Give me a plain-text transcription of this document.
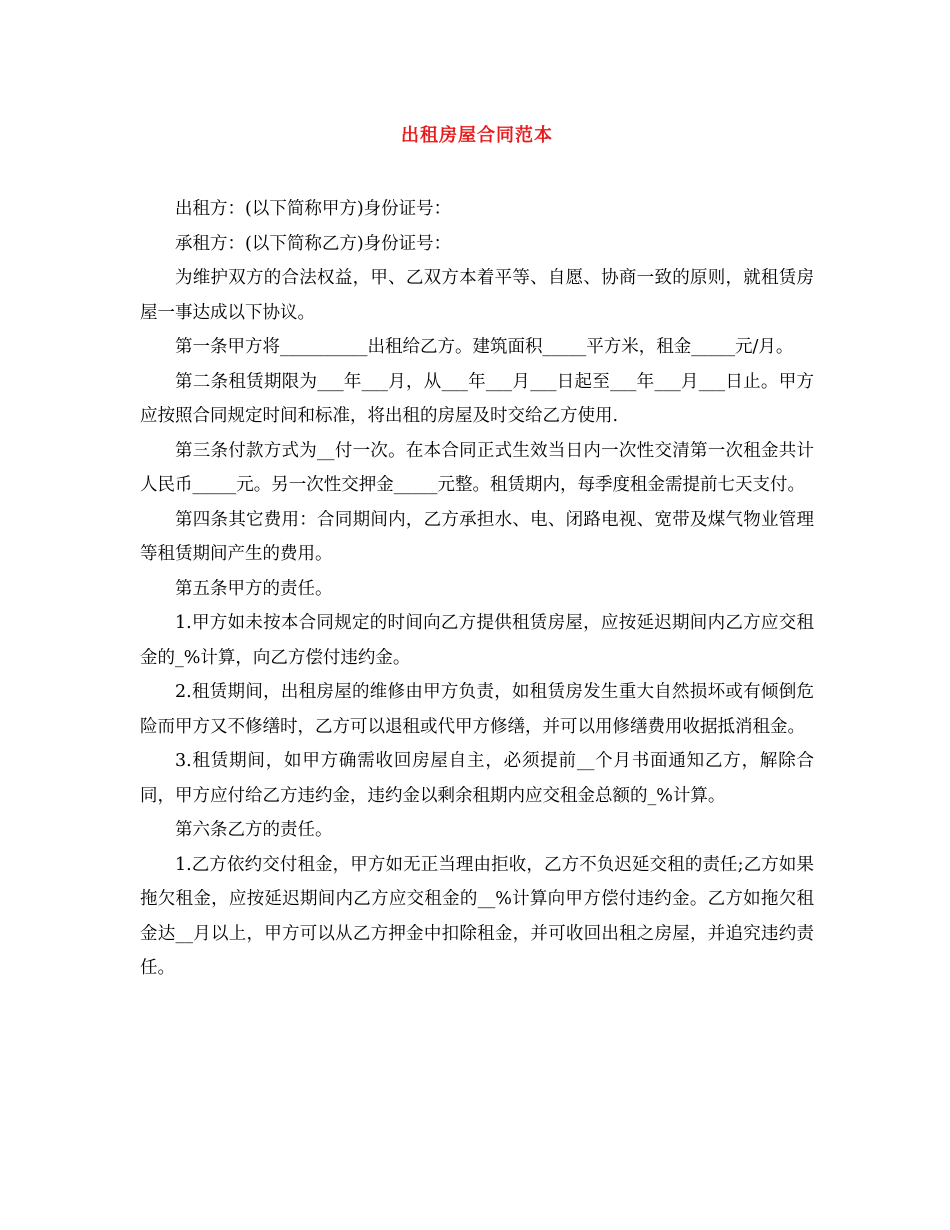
出租房屋合同范本

出租方：(以下简称甲方)身份证号：

承租方：(以下简称乙方)身份证号：

为维护双方的合法权益，甲、乙双方本着平等、自愿、协商一致的原则，就租赁房屋一事达成以下协议。

第一条甲方将__________出租给乙方。建筑面积_____平方米，租金_____元/月。

第二条租赁期限为___年___月，从___年___月___日起至___年___月___日止。甲方应按照合同规定时间和标准，将出租的房屋及时交给乙方使用.

第三条付款方式为__付一次。在本合同正式生效当日内一次性交清第一次租金共计人民币_____元。另一次性交押金_____元整。租赁期内，每季度租金需提前七天支付。

第四条其它费用：合同期间内，乙方承担水、电、闭路电视、宽带及煤气物业管理等租赁期间产生的费用。

第五条甲方的责任。

1.甲方如未按本合同规定的时间向乙方提供租赁房屋，应按延迟期间内乙方应交租金的_%计算，向乙方偿付违约金。

2.租赁期间，出租房屋的维修由甲方负责，如租赁房发生重大自然损坏或有倾倒危险而甲方又不修缮时，乙方可以退租或代甲方修缮，并可以用修缮费用收据抵消租金。

3.租赁期间，如甲方确需收回房屋自主，必须提前__个月书面通知乙方，解除合同，甲方应付给乙方违约金，违约金以剩余租期内应交租金总额的_%计算。

第六条乙方的责任。

1.乙方依约交付租金，甲方如无正当理由拒收，乙方不负迟延交租的责任;乙方如果拖欠租金，应按延迟期间内乙方应交租金的__%计算向甲方偿付违约金。乙方如拖欠租金达__月以上，甲方可以从乙方押金中扣除租金，并可收回出租之房屋，并追究违约责任。
